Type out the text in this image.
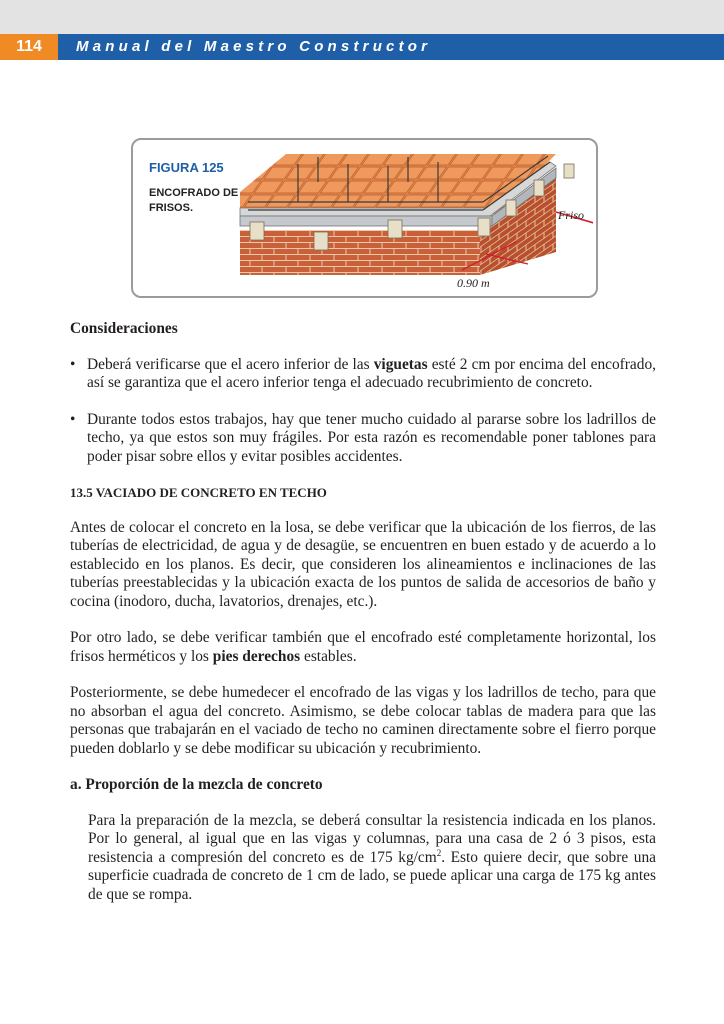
114	Manual del Maestro Constructor
FIGURA 125
ENCOFRADO DE FRISOS.	Friso
0.90 m
Consideraciones
• Deberá verificarse que el acero inferior de las viguetas esté 2 cm por encima del encofrado, así se garantiza que el acero inferior tenga el adecuado recubrimiento de concreto.
• Durante todos estos trabajos, hay que tener mucho cuidado al pararse sobre los ladrillos de techo, ya que estos son muy frágiles. Por esta razón es recomendable poner tablones para poder pisar sobre ellos y evitar posibles accidentes.
13.5 VACIADO DE CONCRETO EN TECHO

Antes de colocar el concreto en la losa, se debe verificar que la ubicación de los fierros, de las tuberías de electricidad, de agua y de desagüe, se encuentren en buen estado y de acuerdo a lo establecido en los planos. Es decir, que consideren los alineamientos e inclinaciones de las tuberías preestablecidas y la ubicación exacta de los puntos de salida de accesorios de baño y cocina (inodoro, ducha, lavatorios, drenajes, etc.).

Por otro lado, se debe verificar también que el encofrado esté completamente horizontal, los frisos herméticos y los pies derechos estables.

Posteriormente, se debe humedecer el encofrado de las vigas y los ladrillos de techo, para que no absorban el agua del concreto. Asimismo, se debe colocar tablas de madera para que las personas que trabajarán en el vaciado de techo no caminen directamente sobre el fierro porque pueden doblarlo y se debe modificar su ubicación y recubrimiento.

a. Proporción de la mezcla de concreto

Para la preparación de la mezcla, se deberá consultar la resistencia indicada en los planos. Por lo general, al igual que en las vigas y columnas, para una casa de 2 ó 3 pisos, esta resistencia a compresión del concreto es de 175 $kg/cm^2$. Esto quiere decir, que sobre una superficie cuadrada de concreto de 1 cm de lado, se puede aplicar una carga de 175 kg antes de que se rompa.
